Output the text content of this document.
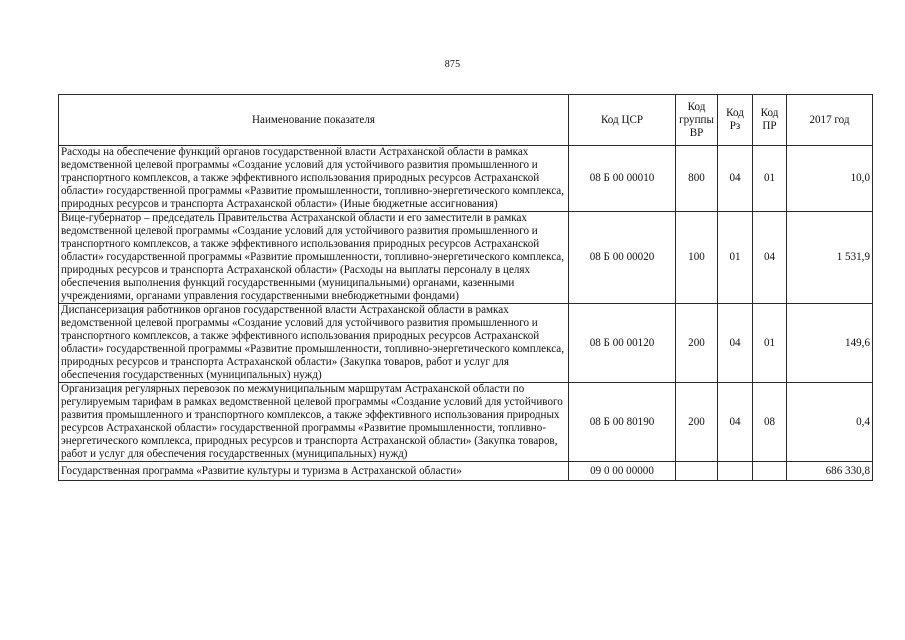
875
Наименование показателя	Код ЦСР	Код группы ВР	Код Рз	Код ПР	2017 год
Расходы на обеспечение функций органов государственной власти Астраханской области в рамках ведомственной целевой программы «Создание условий для устойчивого развития промышленного и транспортного комплексов, а также эффективного использования природных ресурсов Астраханской области» государственной программы «Развитие промышленности, топливно-энергетического комплекса, природных ресурсов и транспорта Астраханской области» (Иные бюджетные ассигнования)	08 Б 00 00010	800	04	01	10,0
Вице-губернатор – председатель Правительства Астраханской области и его заместители в рамках ведомственной целевой программы «Создание условий для устойчивого развития промышленного и транспортного комплексов, а также эффективного использования природных ресурсов Астраханской области» государственной программы «Развитие промышленности, топливно-энергетического комплекса, природных ресурсов и транспорта Астраханской области» (Расходы на выплаты персоналу в целях обеспечения выполнения функций государственными (муниципальными) органами, казенными учреждениями, органами управления государственными внебюджетными фондами)	08 Б 00 00020	100	01	04	1 531,9
Диспансеризация работников органов государственной власти Астраханской области в рамках ведомственной целевой программы «Создание условий для устойчивого развития промышленного и транспортного комплексов, а также эффективного использования природных ресурсов Астраханской области» государственной программы «Развитие промышленности, топливно-энергетического комплекса, природных ресурсов и транспорта Астраханской области» (Закупка товаров, работ и услуг для обеспечения государственных (муниципальных) нужд)	08 Б 00 00120	200	04	01	149,6
Организация регулярных перевозок по межмуниципальным маршрутам Астраханской области по регулируемым тарифам в рамках ведомственной целевой программы «Создание условий для устойчивого развития промышленного и транспортного комплексов, а также эффективного использования природных ресурсов Астраханской области» государственной программы «Развитие промышленности, топливно-энергетического комплекса, природных ресурсов и транспорта Астраханской области» (Закупка товаров, работ и услуг для обеспечения государственных (муниципальных) нужд)	08 Б 00 80190	200	04	08	0,4
Государственная программа «Развитие культуры и туризма в Астраханской области»	09 0 00 00000				686 330,8
